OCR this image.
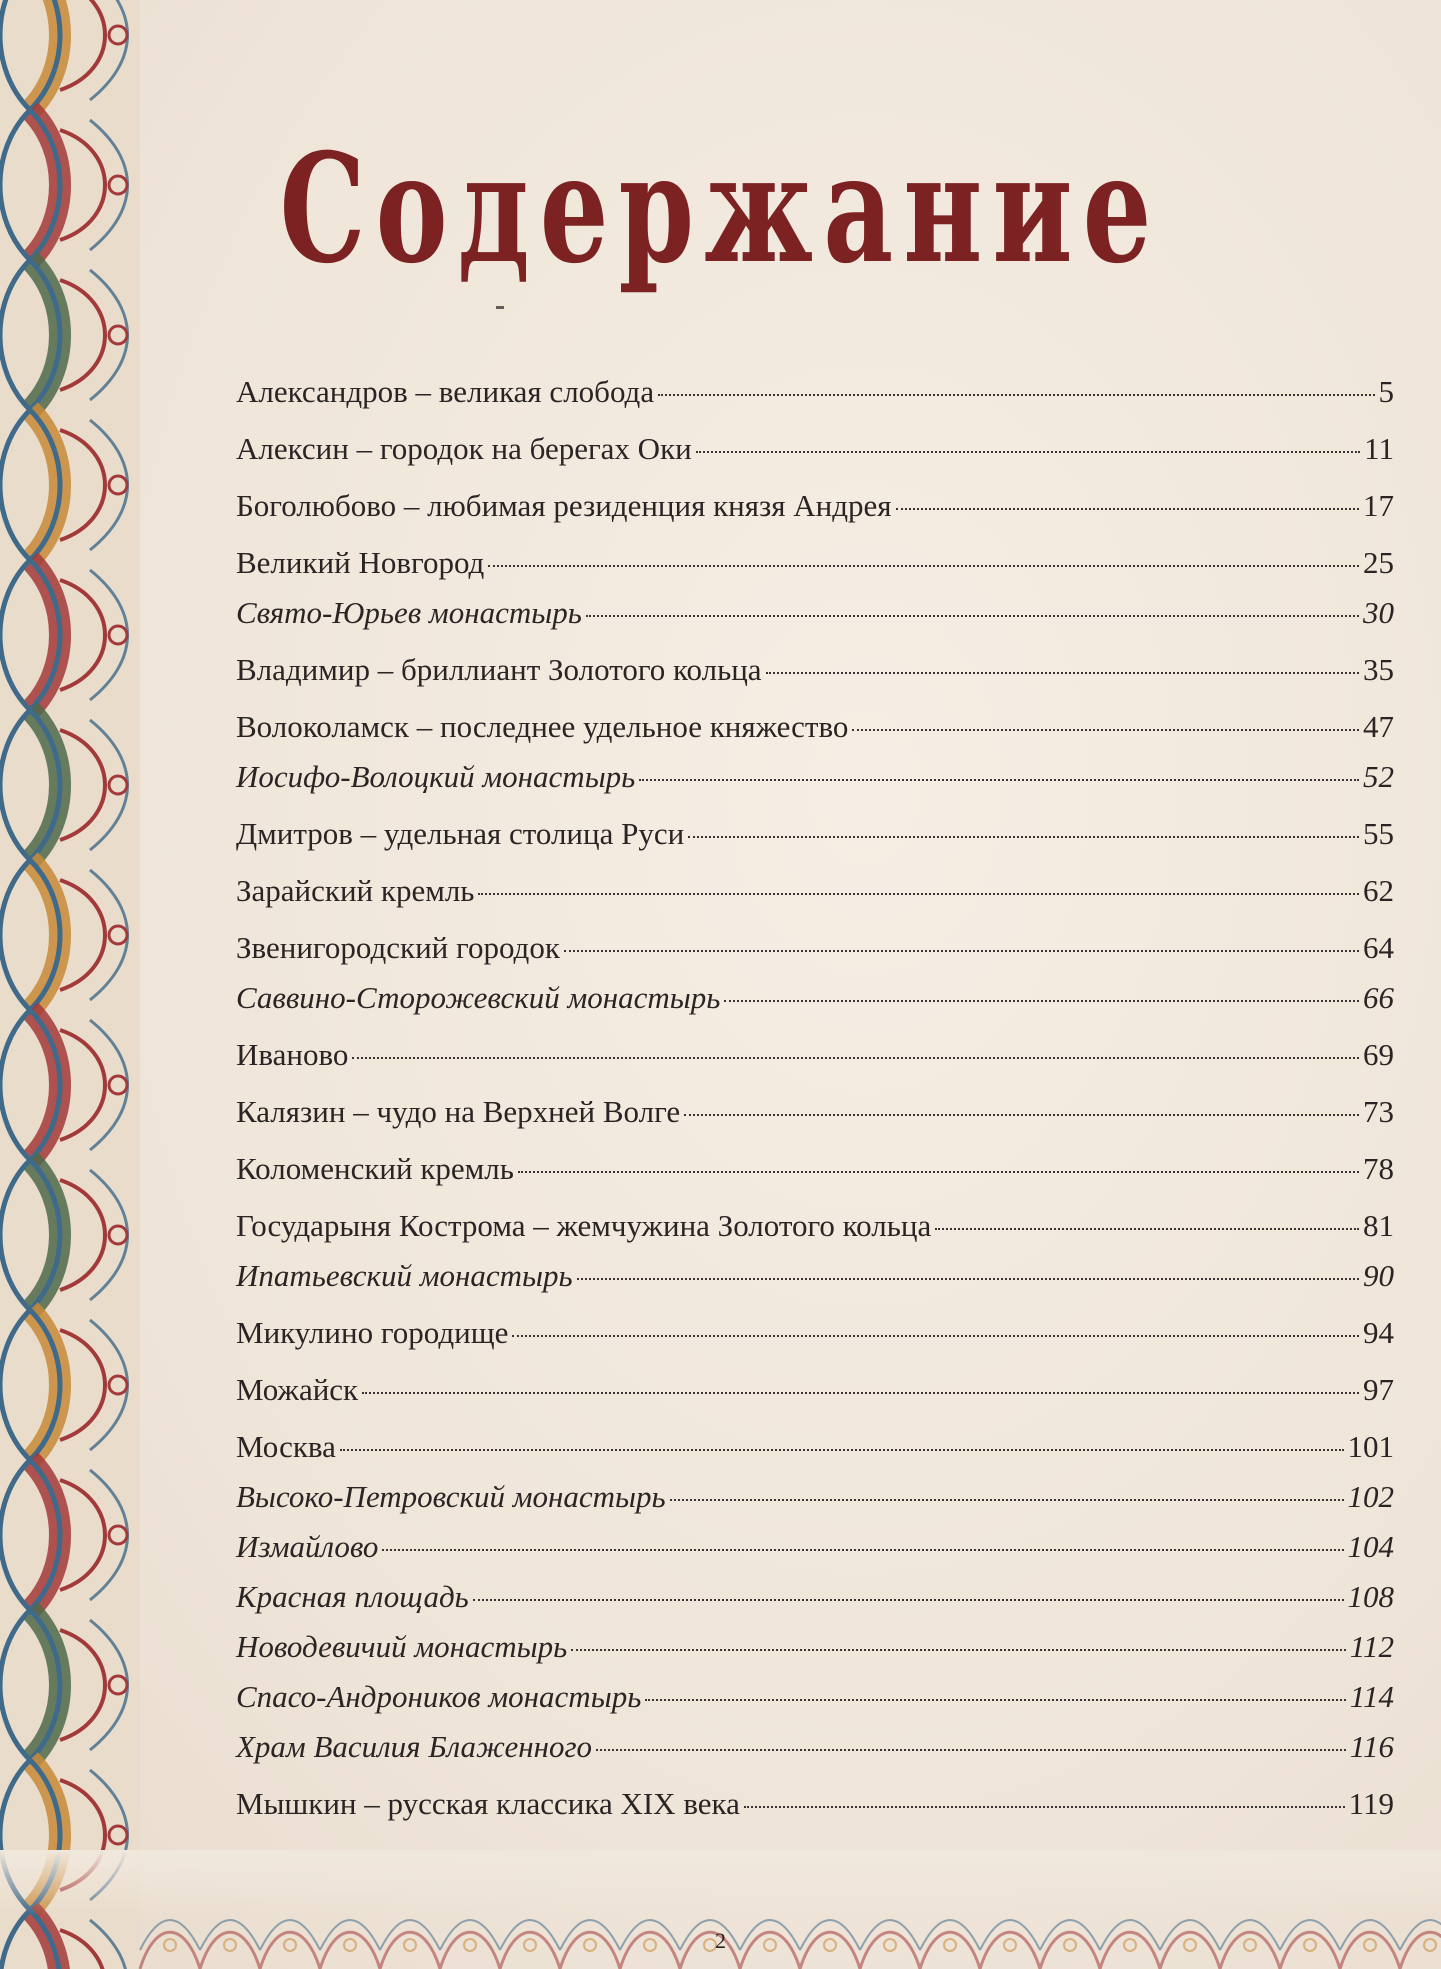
Содержание
Александров – великая слобода	5
Алексин – городок на берегах Оки	11
Боголюбово – любимая резиденция князя Андрея	17
Великий Новгород	25
Свято-Юрьев монастырь	30
Владимир – бриллиант Золотого кольца	35
Волоколамск – последнее удельное княжество	47
Иосифо-Волоцкий монастырь	52
Дмитров – удельная столица Руси	55
Зарайский кремль	62
Звенигородский городок	64
Саввино-Сторожевский монастырь	66
Иваново	69
Калязин – чудо на Верхней Волге	73
Коломенский кремль	78
Государыня Кострома – жемчужина Золотого кольца	81
Ипатьевский монастырь	90
Микулино городище	94
Можайск	97
Москва	101
Высоко-Петровский монастырь	102
Измайлово	104
Красная площадь	108
Новодевичий монастырь	112
Спасо-Андроников монастырь	114
Храм Василия Блаженного	116
Мышкин – русская классика XIX века	119
2
